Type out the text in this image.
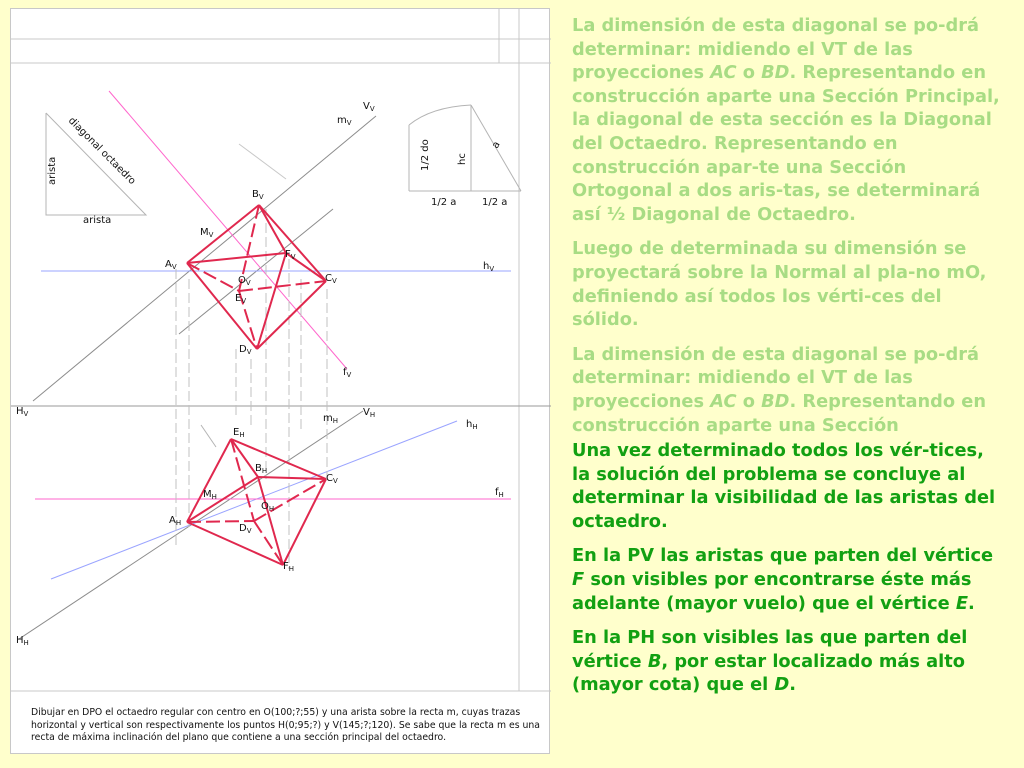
arista diagonal octaedro
arista
1/2 do	hc
a
1/2 a	1/2 a
$V_V$
$m_V$
$B_V$
$M_V$
$F_V$
$A_V$
$O_V$	$C_V$
$E_V$
$D_V$
$f_V$
$h_V$
$H_V$	$V_H$
$m_H$	$h_H$
$E_H$
$B_H$
$C_V$
$M_H$
$O_H$
$f_H$
$A_H$	$D_V$
$F_H$
$H_H$
Dibujar en DPO el octaedro regular con centro en O(100;?;55) y una arista sobre la recta m, cuyas trazas horizontal y vertical son respectivamente los puntos H(0;95;?) y V(145;?;120). Se sabe que la recta m es una recta de máxima inclinación del plano que contiene a una sección principal del octaedro.

La dimensión de esta diagonal se po-drá determinar: midiendo el VT de las proyecciones AC o BD. Representando en construcción aparte una Sección Principal, la diagonal de esta sección es la Diagonal del Octaedro. Representando en construcción apar-te una Sección Ortogonal a dos aris-tas, se determinará así ½ Diagonal de Octaedro.

Luego de determinada su dimensión se proyectará sobre la Normal al pla-no mO, definiendo así todos los vérti-ces del sólido.

La dimensión de esta diagonal se po-drá determinar: midiendo el VT de las proyecciones AC o BD. Representando en construcción aparte una Sección

Una vez determinado todos los vér-tices, la solución del problema se concluye al determinar la visibilidad de las aristas del octaedro.

En la PV las aristas que parten del vértice F son visibles por encontrarse éste más adelante (mayor vuelo) que el vértice E.

En la PH son visibles las que parten del vértice B, por estar localizado más alto (mayor cota) que el D.
